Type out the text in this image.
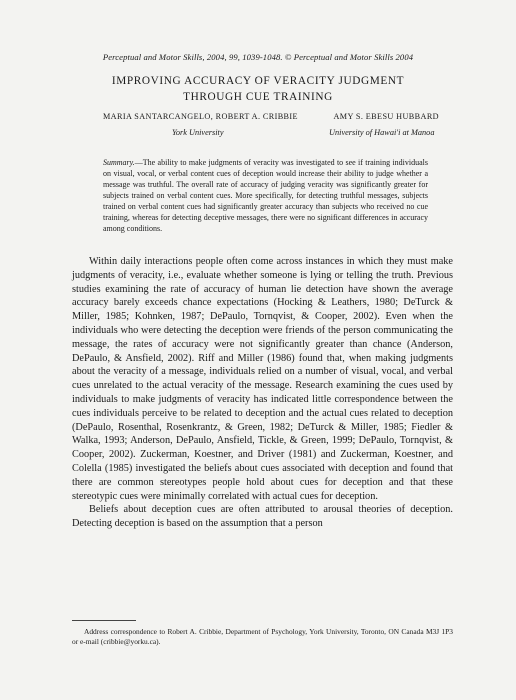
Perceptual and Motor Skills, 2004, 99, 1039-1048. © Perceptual and Motor Skills 2004
IMPROVING ACCURACY OF VERACITY JUDGMENT
THROUGH CUE TRAINING
MARIA SANTARCANGELO, ROBERT A. CRIBBIE	AMY S. EBESU HUBBARD
York University	University of Hawai'i at Manoa

Summary.—The ability to make judgments of veracity was investigated to see if training individuals on visual, vocal, or verbal content cues of deception would increase their ability to judge whether a message was truthful. The overall rate of accuracy of judging veracity was significantly greater for subjects trained on verbal content cues. More specifically, for detecting truthful messages, subjects trained on verbal content cues had significantly greater accuracy than subjects who received no cue training, whereas for detecting deceptive messages, there were no significant differences in accuracy among conditions.

Within daily interactions people often come across instances in which they must make judgments of veracity, i.e., evaluate whether someone is lying or telling the truth. Previous studies examining the rate of accuracy of human lie detection have shown the average accuracy barely exceeds chance expectations (Hocking & Leathers, 1980; DeTurck & Miller, 1985; Kohnken, 1987; DePaulo, Tornqvist, & Cooper, 2002). Even when the individuals who were detecting the deception were friends of the person communicating the message, the rates of accuracy were not significantly greater than chance (Anderson, DePaulo, & Ansfield, 2002). Riff and Miller (1986) found that, when making judgments about the veracity of a message, individuals relied on a number of visual, vocal, and verbal cues unrelated to the actual veracity of the message. Research examining the cues used by individuals to make judgments of veracity has indicated little correspondence between the cues individuals perceive to be related to deception and the actual cues related to deception (DePaulo, Rosenthal, Rosenkrantz, & Green, 1982; DeTurck & Miller, 1985; Fiedler & Walka, 1993; Anderson, DePaulo, Ansfield, Tickle, & Green, 1999; DePaulo, Tornqvist, & Cooper, 2002). Zuckerman, Koestner, and Driver (1981) and Zuckerman, Koestner, and Colella (1985) investigated the beliefs about cues associated with deception and found that there are common stereotypes people hold about cues for deception and that these stereotypic cues were minimally correlated with actual cues for deception.

Beliefs about deception cues are often attributed to arousal theories of deception. Detecting deception is based on the assumption that a person

Address correspondence to Robert A. Cribbie, Department of Psychology, York University, Toronto, ON Canada M3J 1P3 or e-mail (cribbie@yorku.ca).
